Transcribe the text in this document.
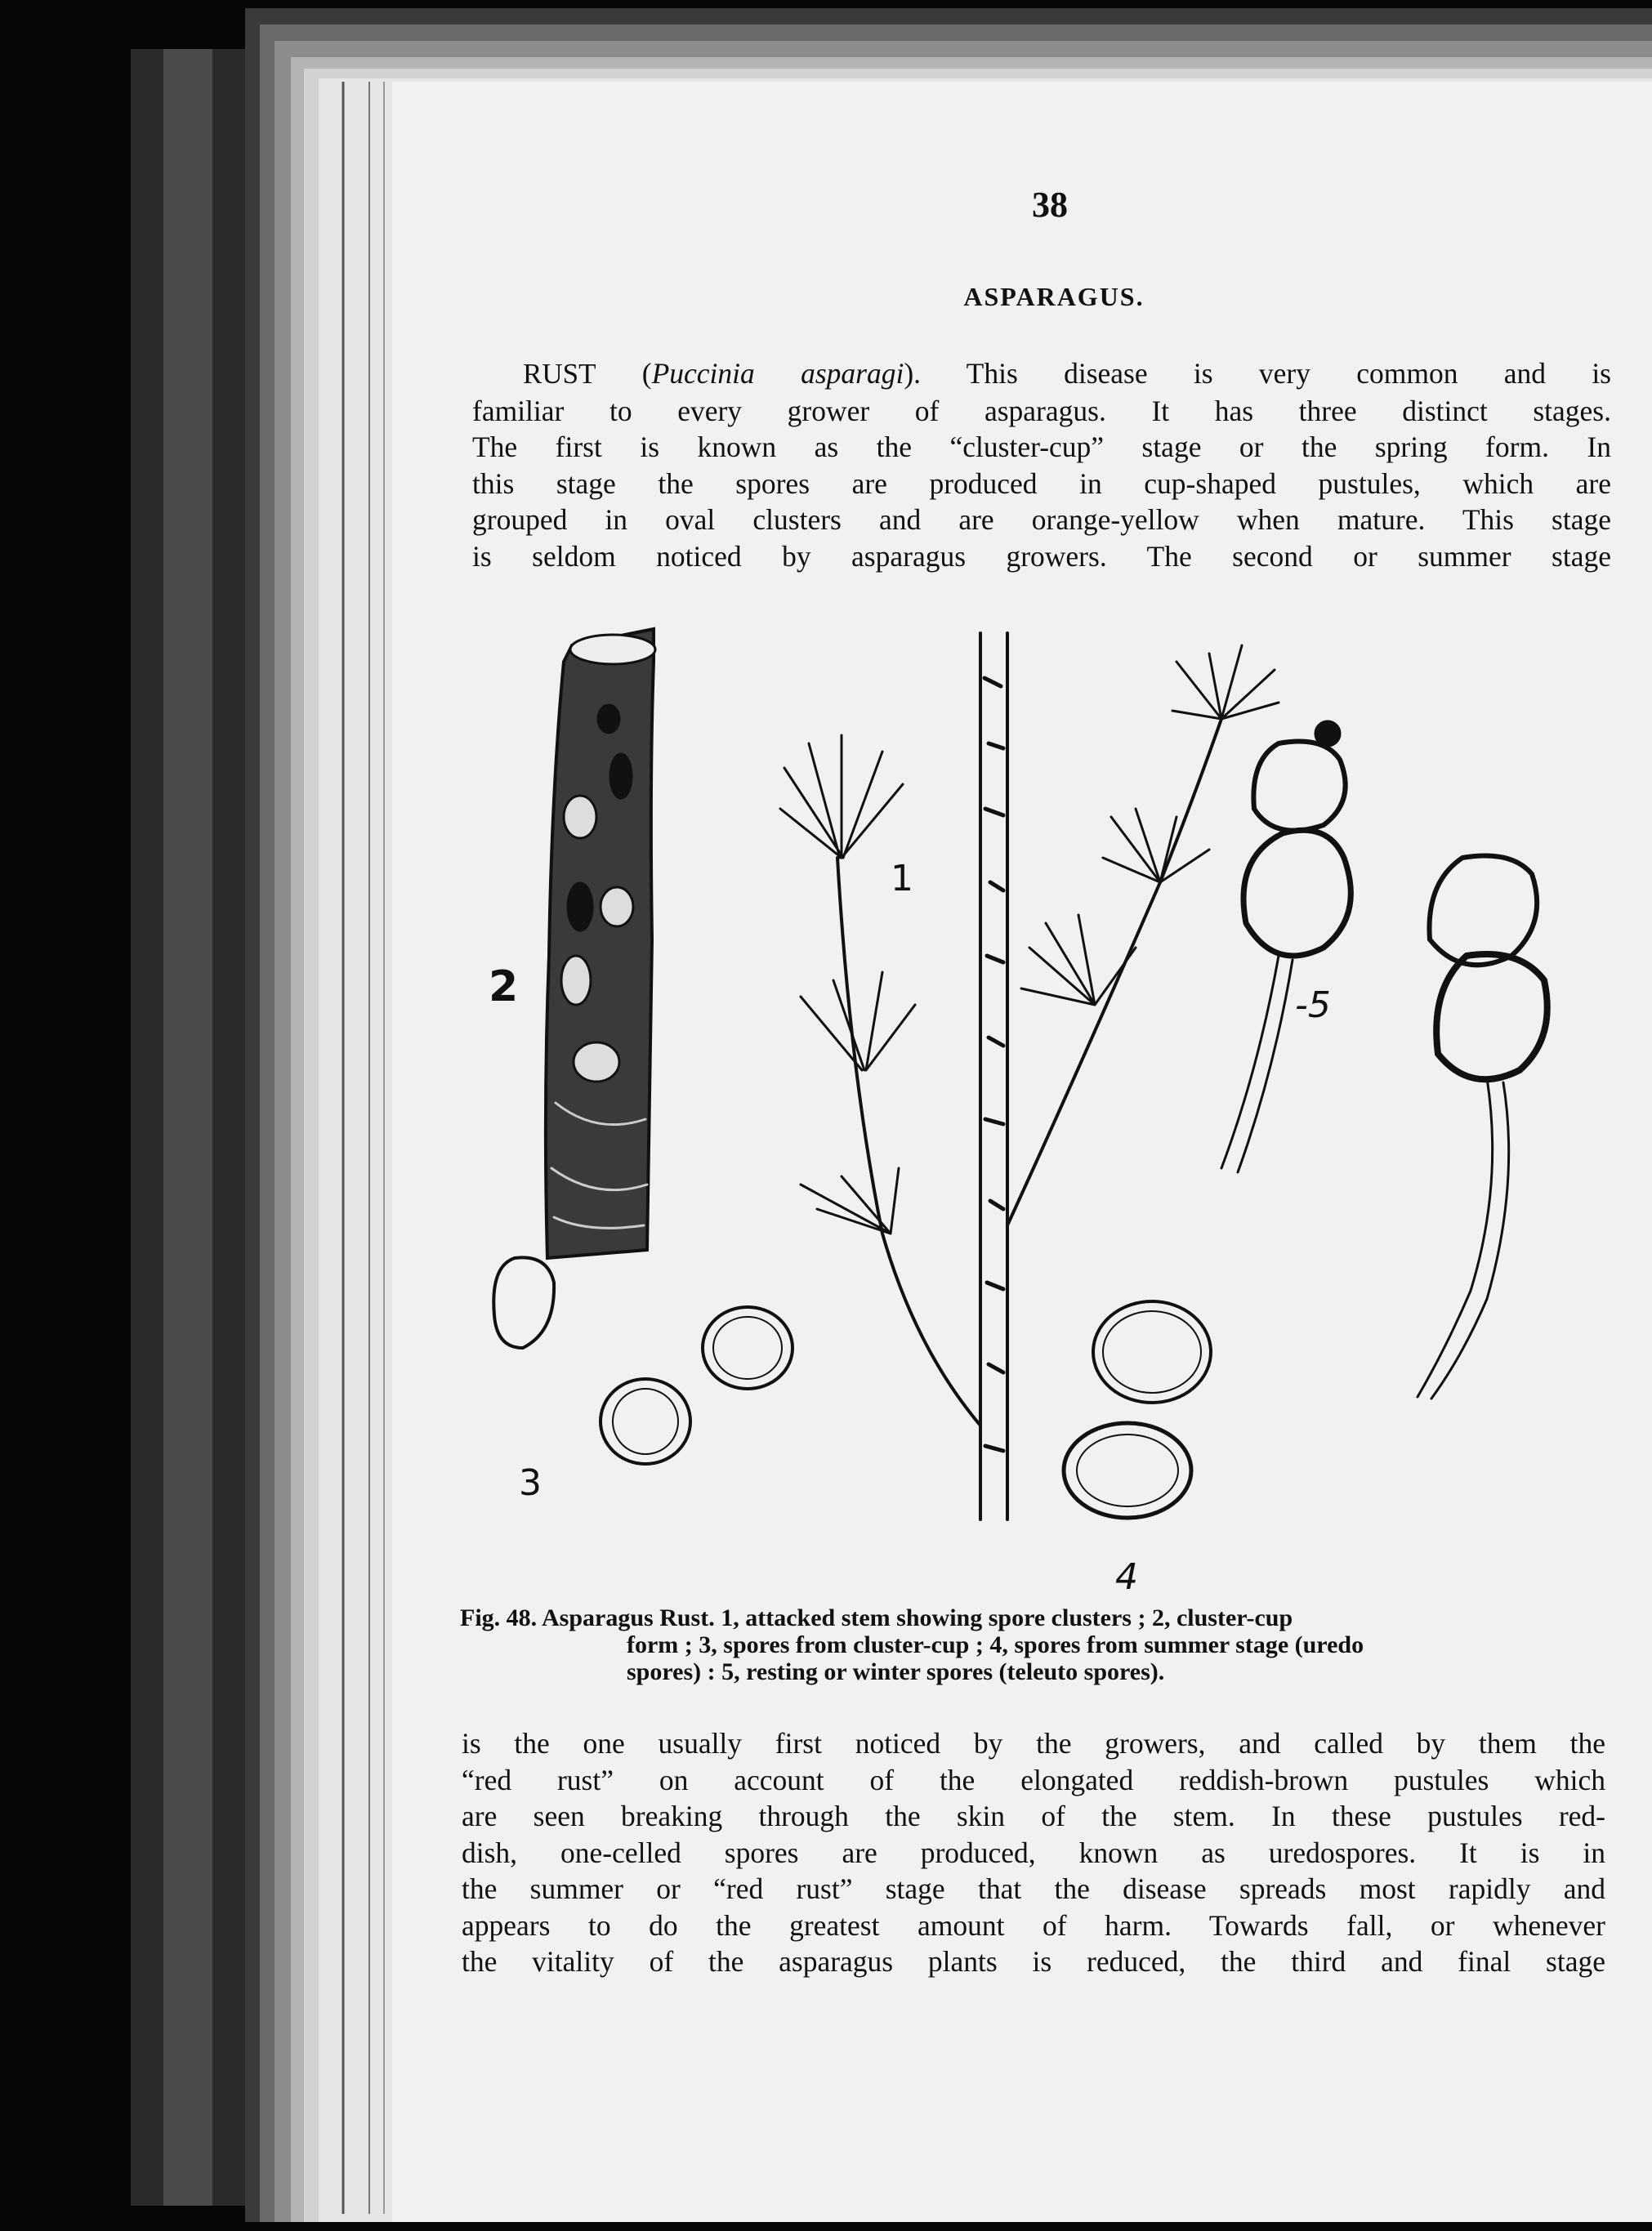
38
ASPARAGUS.
RUST (Puccinia asparagi). This disease is very common and is
familiar to every grower of asparagus. It has three distinct stages.
The first is known as the “cluster-cup” stage or the spring form. In
this stage the spores are produced in cup-shaped pustules, which are
grouped in oval clusters and are orange-yellow when mature. This stage
is seldom noticed by asparagus growers. The second or summer stage
1
2
3
4
-5
Fig. 48. Asparagus Rust. 1, attacked stem showing spore clusters ; 2, cluster-cup
form ; 3, spores from cluster-cup ; 4, spores from summer stage (uredo
spores) : 5, resting or winter spores (teleuto spores).
is the one usually first noticed by the growers, and called by them the
“red rust” on account of the elongated reddish-brown pustules which
are seen breaking through the skin of the stem. In these pustules red-
dish, one-celled spores are produced, known as uredospores. It is in
the summer or “red rust” stage that the disease spreads most rapidly and
appears to do the greatest amount of harm. Towards fall, or whenever
the vitality of the asparagus plants is reduced, the third and final stage
